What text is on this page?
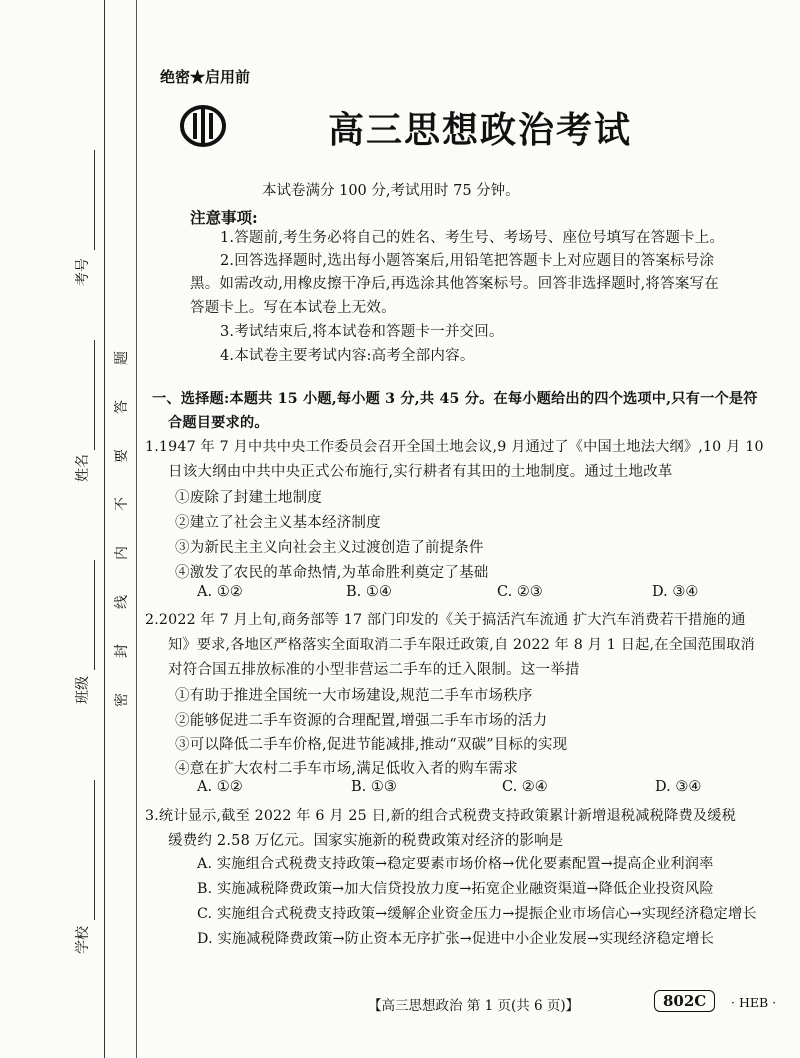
考号
姓名
班级
学校
题
答
要
不
内
线
封
密
绝密★启用前
高三思想政治考试
本试卷满分 100 分,考试用时 75 分钟。
注意事项:
1.答题前,考生务必将自己的姓名、考生号、考场号、座位号填写在答题卡上。
2.回答选择题时,选出每小题答案后,用铅笔把答题卡上对应题目的答案标号涂
黑。如需改动,用橡皮擦干净后,再选涂其他答案标号。回答非选择题时,将答案写在
答题卡上。写在本试卷上无效。
3.考试结束后,将本试卷和答题卡一并交回。
4.本试卷主要考试内容:高考全部内容。
一、选择题:本题共 15 小题,每小题 3 分,共 45 分。在每小题给出的四个选项中,只有一个是符
合题目要求的。
1.1947 年 7 月中共中央工作委员会召开全国土地会议,9 月通过了《中国土地法大纲》,10 月 10
日该大纲由中共中央正式公布施行,实行耕者有其田的土地制度。通过土地改革
①废除了封建土地制度
②建立了社会主义基本经济制度
③为新民主主义向社会主义过渡创造了前提条件
④激发了农民的革命热情,为革命胜利奠定了基础
A. ①②	B. ①④	C. ②③	D. ③④
2.2022 年 7 月上旬,商务部等 17 部门印发的《关于搞活汽车流通 扩大汽车消费若干措施的通
知》要求,各地区严格落实全面取消二手车限迁政策,自 2022 年 8 月 1 日起,在全国范围取消
对符合国五排放标准的小型非营运二手车的迁入限制。这一举措
①有助于推进全国统一大市场建设,规范二手车市场秩序
②能够促进二手车资源的合理配置,增强二手车市场的活力
③可以降低二手车价格,促进节能减排,推动“双碳”目标的实现
④意在扩大农村二手车市场,满足低收入者的购车需求
A. ①②	B. ①③	C. ②④	D. ③④
3.统计显示,截至 2022 年 6 月 25 日,新的组合式税费支持政策累计新增退税减税降费及缓税
缓费约 2.58 万亿元。国家实施新的税费政策对经济的影响是
A. 实施组合式税费支持政策→稳定要素市场价格→优化要素配置→提高企业利润率
B. 实施减税降费政策→加大信贷投放力度→拓宽企业融资渠道→降低企业投资风险
C. 实施组合式税费支持政策→缓解企业资金压力→提振企业市场信心→实现经济稳定增长
D. 实施减税降费政策→防止资本无序扩张→促进中小企业发展→实现经济稳定增长
【高三思想政治 第 1 页(共 6 页)】	802C	· HEB ·
